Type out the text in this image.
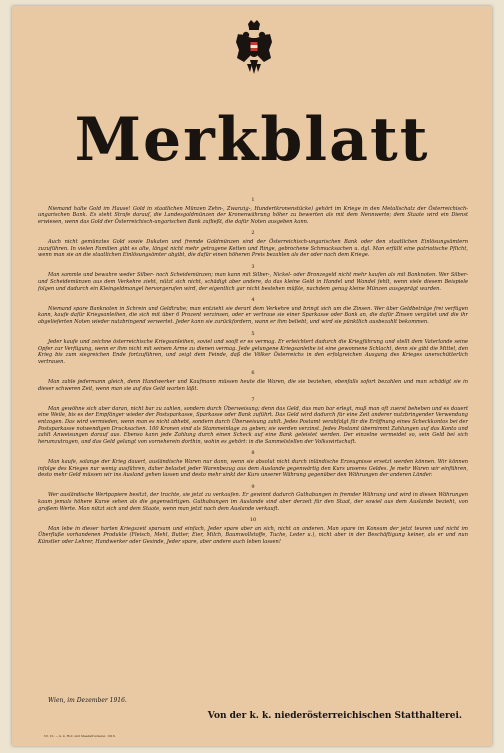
Merkblatt
1

Niemand halte Gold im Hause! Gold in staatlichen Münzen Zehn-, Zwanzig-, Hundertkronenstücke) gehört im Kriege in den Metallschatz der Österreichisch-ungarischen Bank. Es steht Strafe darauf, die Landesgoldmünzen der Kronenwährung höher zu bewerten als mit dem Nennwerte; dem Staate wird ein Dienst erwiesen, wenn das Gold der Österreichisch-ungarischen Bank zufließt, die dafür Noten ausgeben kann.

2

Auch nicht gemünztes Gold sowie Dukaten und fremde Goldmünzen sind der Österreichisch-ungarischen Bank oder den staatlichen Einlösungsämtern zuzuführen. In vielen Familien gibt es alte, längst nicht mehr getragene Ketten und Ringe, gebrochene Schmucksachen u. dgl. Man erfüllt eine patriotische Pflicht, wenn man sie an die staatlichen Einlösungsämter abgibt, die dafür einen höheren Preis bezahlen als der oder nach dem Kriege.

3

Man sammle und bewahre weder Silber- noch Scheidemünzen; man kann mit Silber-, Nickel- oder Bronzegeld nicht mehr kaufen als mit Banknoten. Wer Silber- und Scheidemünzen aus dem Verkehre zieht, nützt sich nicht, schädigt aber andere, da das kleine Geld in Handel und Wandel fehlt, wenn viele diesem Beispiele folgen und dadurch ein Kleingeldmangel hervorgerufen wird, der eigentlich gar nicht bestehen müßte, nachdem genug kleine Münzen ausgeprägt wurden.

4

Niemand spare Banknoten in Schrein und Geldtruhe; man entzieht sie derart dem Verkehre und bringt sich um die Zinsen. Wer über Geldbeträge frei verfügen kann, kaufe dafür Kriegsanleihen, die sich mit über 6 Prozent verzinsen, oder er vertraue sie einer Sparkasse oder Bank an, die dafür Zinsen vergütet und die ihr abgelieferten Noten wieder nutzbringend verwertet. Jeder kann sie zurückfordern, wann er ihm beliebt, und wird sie pünktlich ausbezahlt bekommen.

5

Jeder kaufe und zeichne österreichische Kriegsanleihen, soviel und sooft er es vermag. Er erleichtert dadurch die Kriegführung und stellt dem Vaterlande seine Opfer zur Verfügung, wenn er ihm nicht mit seinem Arme zu dienen vermag. Jede gelungene Kriegsanleihe ist eine gewonnene Schlacht, denn sie gibt die Mittel, den Krieg bis zum siegreichen Ende fortzuführen, und zeigt dem Feinde, daß die Völker Österreichs in den erfolgreichen Ausgang des Krieges unerschütterlich vertrauen.

6

Man zahle jedermann gleich, denn Handwerker und Kaufmann müssen heute die Waren, die sie beziehen, ebenfalls sofort bezahlen und man schädigt sie in dieser schweren Zeit, wenn man sie auf das Geld warten läßt.

7

Man gewöhne sich aber daran, nicht bar zu zahlen, sondern durch Überweisung; denn das Geld, das man bar erlegt, muß man oft zuerst beheben und es dauert eine Weile, bis es der Empfänger wieder der Postsparkasse, Sparkasse oder Bank zuführt. Das Geld wird dadurch für eine Zeit anderer nutzbringender Verwendung entzogen. Das wird vermieden, wenn man es nicht abhebt, sondern durch Überweisung zahlt. Jedes Postamt verabfolgt für die Eröffnung eines Scheckkontos bei der Postsparkasse notwendigen Drucksachen. 100 Kronen sind als Stammeinlage zu geben; sie werden verzinst. Jedes Postamt übernimmt Zahlungen auf das Konto und zahlt Anweisungen darauf aus. Ebenso kann jede Zahlung durch einen Scheck auf eine Bank geleistet werden. Der einzelne vermeidet so, sein Geld bei sich herumzutragen, und das Geld gelangt von vorneherein dorthin, wohin es gehört: in die Sammelstellen der Volkswirtschaft.

8

Man kaufe, solange der Krieg dauert, ausländische Waren nur dann, wenn sie absolut nicht durch inländische Erzeugnisse ersetzt werden können. Wir können infolge des Krieges nur wenig ausführen, daher belastet jeder Warenbezug aus dem Auslande gegenwärtig den Kurs unseres Geldes. Je mehr Waren wir einführen, desto mehr Geld müssen wir ins Ausland gehen lassen und desto mehr sinkt der Kurs unserer Währung gegenüber den Währungen der anderen Länder.

9

Wer ausländische Wertpapiere besitzt, der trachte, sie jetzt zu verkaufen. Er gewinnt dadurch Guthabungen in fremder Währung und wird in diesen Währungen kaum jemals höhere Kurse sehen als die gegenwärtigen. Guthabungen im Auslande sind aber derzeit für den Staat, der sowiel aus dem Auslande bezieht, von großem Werte. Man nützt sich und dem Staate, wenn man jetzt nach dem Auslande verkauft.

10

Man lebe in dieser harten Kriegszeit sparsam und einfach, Jeder spare aber an sich, nicht an anderen. Man spare im Konsum der jetzt teuren und nicht im Überfluße vorhandenen Produkte (Fleisch, Mehl, Butter, Eier, Milch, Baumwollstoffe, Tuche, Leder u.), nicht aber in der Beschäftigung keiner, als er und nun Künstler oder Lehrer, Handwerker oder Gesinde, Jeder spare, aber andere auch leben lassen!

Wien, im Dezember 1916.
Von der k. k. niederösterreichischen Statthalterei.
Nr. 10. — k. k. Hof- und Staatsdruckerei. 1916.
